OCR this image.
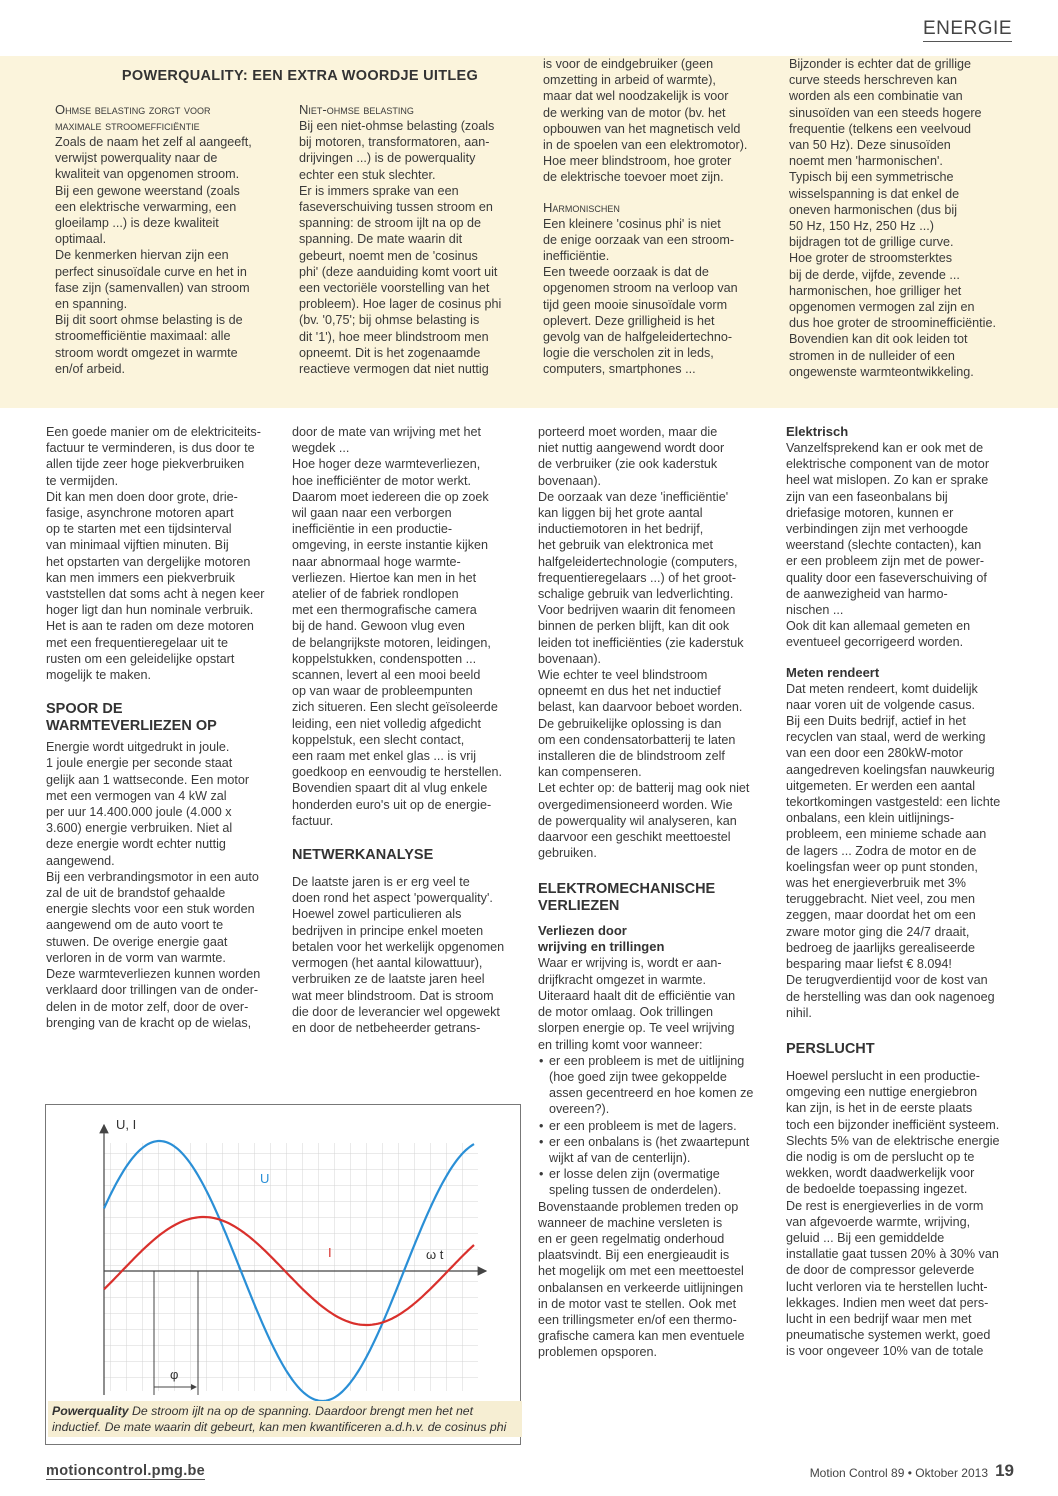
ENERGIE
POWERQUALITY: EEN EXTRA WOORDJE UITLEG

Ohmse belasting zorgt voor
maximale stroomefficiëntie

Zoals de naam het zelf al aangeeft,
verwijst powerquality naar de
kwaliteit van opgenomen stroom.
Bij een gewone weerstand (zoals
een elektrische verwarming, een
gloeilamp ...) is deze kwaliteit
optimaal.
De kenmerken hiervan zijn een
perfect sinusoïdale curve en het in
fase zijn (samenvallen) van stroom
en spanning.
Bij dit soort ohmse belasting is de
stroomefficiëntie maximaal: alle
stroom wordt omgezet in warmte
en/of arbeid.

Niet-ohmse belasting

Bij een niet-ohmse belasting (zoals
bij motoren, transformatoren, aan-
drijvingen ...) is de powerquality
echter een stuk slechter.
Er is immers sprake van een
faseverschuiving tussen stroom en
spanning: de stroom ijlt na op de
spanning. De mate waarin dit
gebeurt, noemt men de 'cosinus
phi' (deze aanduiding komt voort uit
een vectoriële voorstelling van het
probleem). Hoe lager de cosinus phi
(bv. '0,75'; bij ohmse belasting is
dit '1'), hoe meer blindstroom men
opneemt. Dit is het zogenaamde
reactieve vermogen dat niet nuttig

is voor de eindgebruiker (geen
omzetting in arbeid of warmte),
maar dat wel noodzakelijk is voor
de werking van de motor (bv. het
opbouwen van het magnetisch veld
in de spoelen van een elektromotor).
Hoe meer blindstroom, hoe groter
de elektrische toevoer moet zijn.

Harmonischen

Een kleinere 'cosinus phi' is niet
de enige oorzaak van een stroom-
inefficiëntie.
Een tweede oorzaak is dat de
opgenomen stroom na verloop van
tijd geen mooie sinusoïdale vorm
oplevert. Deze grilligheid is het
gevolg van de halfgeleidertechno-
logie die verscholen zit in leds,
computers, smartphones ...

Bijzonder is echter dat de grillige
curve steeds herschreven kan
worden als een combinatie van
sinusoïden van een steeds hogere
frequentie (telkens een veelvoud
van 50 Hz). Deze sinusoïden
noemt men 'harmonischen'.
Typisch bij een symmetrische
wisselspanning is dat enkel de
oneven harmonischen (dus bij
50 Hz, 150 Hz, 250 Hz ...)
bijdragen tot de grillige curve.
Hoe groter de stroomsterktes
bij de derde, vijfde, zevende ...
harmonischen, hoe grilliger het
opgenomen vermogen zal zijn en
dus hoe groter de stroominefficiëntie.
Bovendien kan dit ook leiden tot
stromen in de nulleider of een
ongewenste warmteontwikkeling.

Een goede manier om de elektriciteits-
factuur te verminderen, is dus door te
allen tijde zeer hoge piekverbruiken
te vermijden.
Dit kan men doen door grote, drie-
fasige, asynchrone motoren apart
op te starten met een tijdsinterval
van minimaal vijftien minuten. Bij
het opstarten van dergelijke motoren
kan men immers een piekverbruik
vaststellen dat soms acht à negen keer
hoger ligt dan hun nominale verbruik.
Het is aan te raden om deze motoren
met een frequentieregelaar uit te
rusten om een geleidelijke opstart
mogelijk te maken.

SPOOR DE
WARMTEVERLIEZEN OP

Energie wordt uitgedrukt in joule.
1 joule energie per seconde staat
gelijk aan 1 wattseconde. Een motor
met een vermogen van 4 kW zal
per uur 14.400.000 joule (4.000 x
3.600) energie verbruiken. Niet al
deze energie wordt echter nuttig
aangewend.
Bij een verbrandingsmotor in een auto
zal de uit de brandstof gehaalde
energie slechts voor een stuk worden
aangewend om de auto voort te
stuwen. De overige energie gaat
verloren in de vorm van warmte.
Deze warmteverliezen kunnen worden
verklaard door trillingen van de onder-
delen in de motor zelf, door de over-
brenging van de kracht op de wielas,

door de mate van wrijving met het
wegdek ...
Hoe hoger deze warmteverliezen,
hoe inefficiënter de motor werkt.
Daarom moet iedereen die op zoek
wil gaan naar een verborgen
inefficiëntie in een productie-
omgeving, in eerste instantie kijken
naar abnormaal hoge warmte-
verliezen. Hiertoe kan men in het
atelier of de fabriek rondlopen
met een thermografische camera
bij de hand. Gewoon vlug even
de belangrijkste motoren, leidingen,
koppelstukken, condenspotten ...
scannen, levert al een mooi beeld
op van waar de probleempunten
zich situeren. Een slecht geïsoleerde
leiding, een niet volledig afgedicht
koppelstuk, een slecht contact,
een raam met enkel glas ... is vrij
goedkoop en eenvoudig te herstellen.
Bovendien spaart dit al vlug enkele
honderden euro's uit op de energie-
factuur.

NETWERKANALYSE

De laatste jaren is er erg veel te
doen rond het aspect 'powerquality'.
Hoewel zowel particulieren als
bedrijven in principe enkel moeten
betalen voor het werkelijk opgenomen
vermogen (het aantal kilowattuur),
verbruiken ze de laatste jaren heel
wat meer blindstroom. Dat is stroom
die door de leverancier wel opgewekt
en door de netbeheerder getrans-

porteerd moet worden, maar die
niet nuttig aangewend wordt door
de verbruiker (zie ook kaderstuk
bovenaan).
De oorzaak van deze 'inefficiëntie'
kan liggen bij het grote aantal
inductiemotoren in het bedrijf,
het gebruik van elektronica met
halfgeleidertechnologie (computers,
frequentieregelaars ...) of het groot-
schalige gebruik van ledverlichting.
Voor bedrijven waarin dit fenomeen
binnen de perken blijft, kan dit ook
leiden tot inefficiënties (zie kaderstuk
bovenaan).
Wie echter te veel blindstroom
opneemt en dus het net inductief
belast, kan daarvoor beboet worden.
De gebruikelijke oplossing is dan
om een condensatorbatterij te laten
installeren die de blindstroom zelf
kan compenseren.
Let echter op: de batterij mag ook niet
overgedimensioneerd worden. Wie
de powerquality wil analyseren, kan
daarvoor een geschikt meettoestel
gebruiken.

ELEKTROMECHANISCHE
VERLIEZEN
Verliezen door
wrijving en trillingen

Waar er wrijving is, wordt er aan-
drijfkracht omgezet in warmte.
Uiteraard haalt dit de efficiëntie van
de motor omlaag. Ook trillingen
slorpen energie op. Te veel wrijving
en trilling komt voor wanneer:

• er een probleem is met de uitlijning
(hoe goed zijn twee gekoppelde
assen gecentreerd en hoe komen ze
overeen?).
• er een probleem is met de lagers.
• er een onbalans is (het zwaartepunt
wijkt af van de centerlijn).
• er losse delen zijn (overmatige
speling tussen de onderdelen).

Bovenstaande problemen treden op
wanneer de machine versleten is
en er geen regelmatig onderhoud
plaatsvindt. Bij een energieaudit is
het mogelijk om met een meettoestel
onbalansen en verkeerde uitlijningen
in de motor vast te stellen. Ook met
een trillingsmeter en/of een thermo-
grafische camera kan men eventuele
problemen opsporen.

Elektrisch

Vanzelfsprekend kan er ook met de
elektrische component van de motor
heel wat mislopen. Zo kan er sprake
zijn van een faseonbalans bij
driefasige motoren, kunnen er
verbindingen zijn met verhoogde
weerstand (slechte contacten), kan
er een probleem zijn met de power-
quality door een faseverschuiving of
de aanwezigheid van harmo-
nischen ...
Ook dit kan allemaal gemeten en
eventueel gecorrigeerd worden.

Meten rendeert

Dat meten rendeert, komt duidelijk
naar voren uit de volgende casus.
Bij een Duits bedrijf, actief in het
recyclen van staal, werd de werking
van een door een 280kW-motor
aangedreven koelingsfan nauwkeurig
uitgemeten. Er werden een aantal
tekortkomingen vastgesteld: een lichte
onbalans, een klein uitlijnings-
probleem, een minieme schade aan
de lagers ... Zodra de motor en de
koelingsfan weer op punt stonden,
was het energieverbruik met 3%
teruggebracht. Niet veel, zou men
zeggen, maar doordat het om een
zware motor ging die 24/7 draait,
bedroeg de jaarlijks gerealiseerde
besparing maar liefst € 8.094!
De terugverdientijd voor de kost van
de herstelling was dan ook nagenoeg
nihil.

PERSLUCHT

Hoewel perslucht in een productie-
omgeving een nuttige energiebron
kan zijn, is het in de eerste plaats
toch een bijzonder inefficiënt systeem.
Slechts 5% van de elektrische energie
die nodig is om de perslucht op te
wekken, wordt daadwerkelijk voor
de bedoelde toepassing ingezet.
De rest is energieverlies in de vorm
van afgevoerde warmte, wrijving,
geluid ... Bij een gemiddelde
installatie gaat tussen 20% à 30% van
de door de compressor geleverde
lucht verloren via te herstellen lucht-
lekkages. Indien men weet dat pers-
lucht in een bedrijf waar men met
pneumatische systemen werkt, goed
is voor ongeveer 10% van de totale

U, I
ω t
U
I
φ
Powerquality De stroom ijlt na op de spanning. Daardoor brengt men het net
inductief. De mate waarin dit gebeurt, kan men kwantificeren a.d.h.v. de cosinus phi
motioncontrol.pmg.be	Motion Control 89 • Oktober 2013 19
